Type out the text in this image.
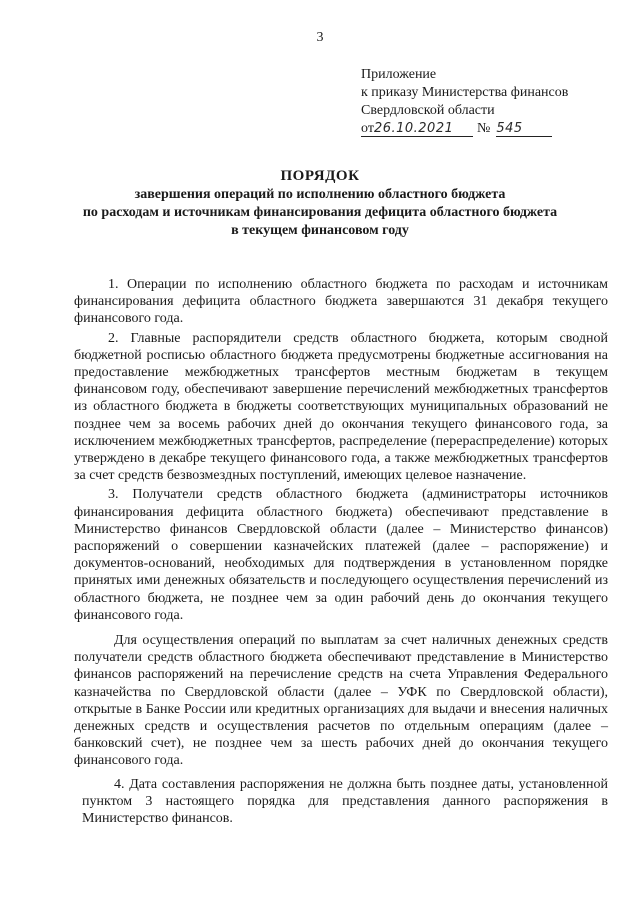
3
Приложение
к приказу Министерства финансов
Свердловской области
от26.10.2021 № 545
ПОРЯДОК
завершения операций по исполнению областного бюджета
по расходам и источникам финансирования дефицита областного бюджета
в текущем финансовом году

1. Операции по исполнению областного бюджета по расходам и источникам финансирования дефицита областного бюджета завершаются 31 декабря текущего финансового года.

2. Главные распорядители средств областного бюджета, которым сводной бюджетной росписью областного бюджета предусмотрены бюджетные ассигнования на предоставление межбюджетных трансфертов местным бюджетам в текущем финансовом году, обеспечивают завершение перечислений межбюджетных трансфертов из областного бюджета в бюджеты соответствующих муниципальных образований не позднее чем за восемь рабочих дней до окончания текущего финансового года, за исключением межбюджетных трансфертов, распределение (перераспределение) которых утверждено в декабре текущего финансового года, а также межбюджетных трансфертов за счет средств безвозмездных поступлений, имеющих целевое назначение.

3. Получатели средств областного бюджета (администраторы источников финансирования дефицита областного бюджета) обеспечивают представление в Министерство финансов Свердловской области (далее – Министерство финансов) распоряжений о совершении казначейских платежей (далее – распоряжение) и документов-оснований, необходимых для подтверждения в установленном порядке принятых ими денежных обязательств и последующего осуществления перечислений из областного бюджета, не позднее чем за один рабочий день до окончания текущего финансового года.

Для осуществления операций по выплатам за счет наличных денежных средств получатели средств областного бюджета обеспечивают представление в Министерство финансов распоряжений на перечисление средств на счета Управления Федерального казначейства по Свердловской области (далее – УФК по Свердловской области), открытые в Банке России или кредитных организациях для выдачи и внесения наличных денежных средств и осуществления расчетов по отдельным операциям (далее – банковский счет), не позднее чем за шесть рабочих дней до окончания текущего финансового года.

4. Дата составления распоряжения не должна быть позднее даты, установленной пунктом 3 настоящего порядка для представления данного распоряжения в Министерство финансов.
